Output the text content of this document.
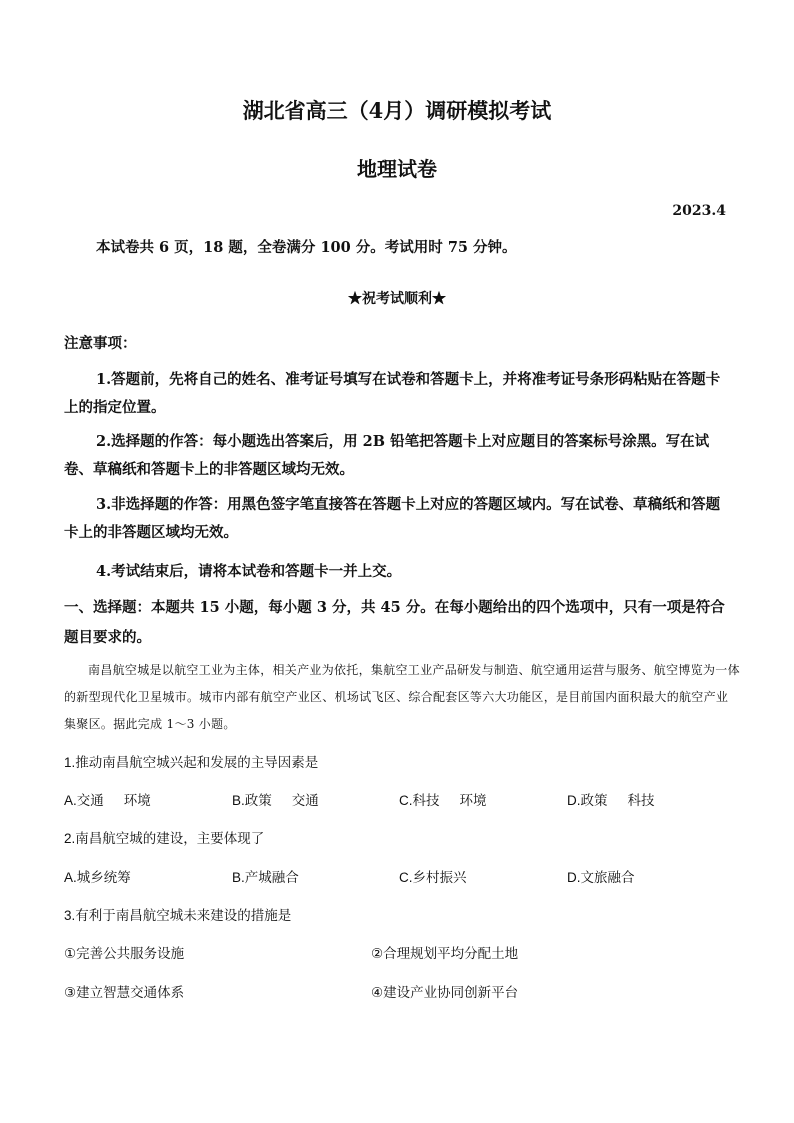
湖北省高三（4月）调研模拟考试
地理试卷
2023.4
本试卷共 6 页，18 题，全卷满分 100 分。考试用时 75 分钟。
★祝考试顺利★
注意事项：
1.答题前，先将自己的姓名、准考证号填写在试卷和答题卡上，并将准考证号条形码粘贴在答题卡上的指定位置。
2.选择题的作答：每小题选出答案后，用 2B 铅笔把答题卡上对应题目的答案标号涂黑。写在试卷、草稿纸和答题卡上的非答题区域均无效。
3.非选择题的作答：用黑色签字笔直接答在答题卡上对应的答题区域内。写在试卷、草稿纸和答题卡上的非答题区域均无效。
4.考试结束后，请将本试卷和答题卡一并上交。
一、选择题：本题共 15 小题，每小题 3 分，共 45 分。在每小题给出的四个选项中，只有一项是符合题目要求的。
南昌航空城是以航空工业为主体，相关产业为依托，集航空工业产品研发与制造、航空通用运营与服务、航空博览为一体的新型现代化卫星城市。城市内部有航空产业区、机场试飞区、综合配套区等六大功能区，是目前国内面积最大的航空产业集聚区。据此完成 1～3 小题。
1.推动南昌航空城兴起和发展的主导因素是
A.交通 环境	B.政策 交通	C.科技 环境	D.政策 科技
2.南昌航空城的建设，主要体现了
A.城乡统筹	B.产城融合	C.乡村振兴	D.文旅融合
3.有利于南昌航空城未来建设的措施是
①完善公共服务设施	②合理规划平均分配土地
③建立智慧交通体系	④建设产业协同创新平台
